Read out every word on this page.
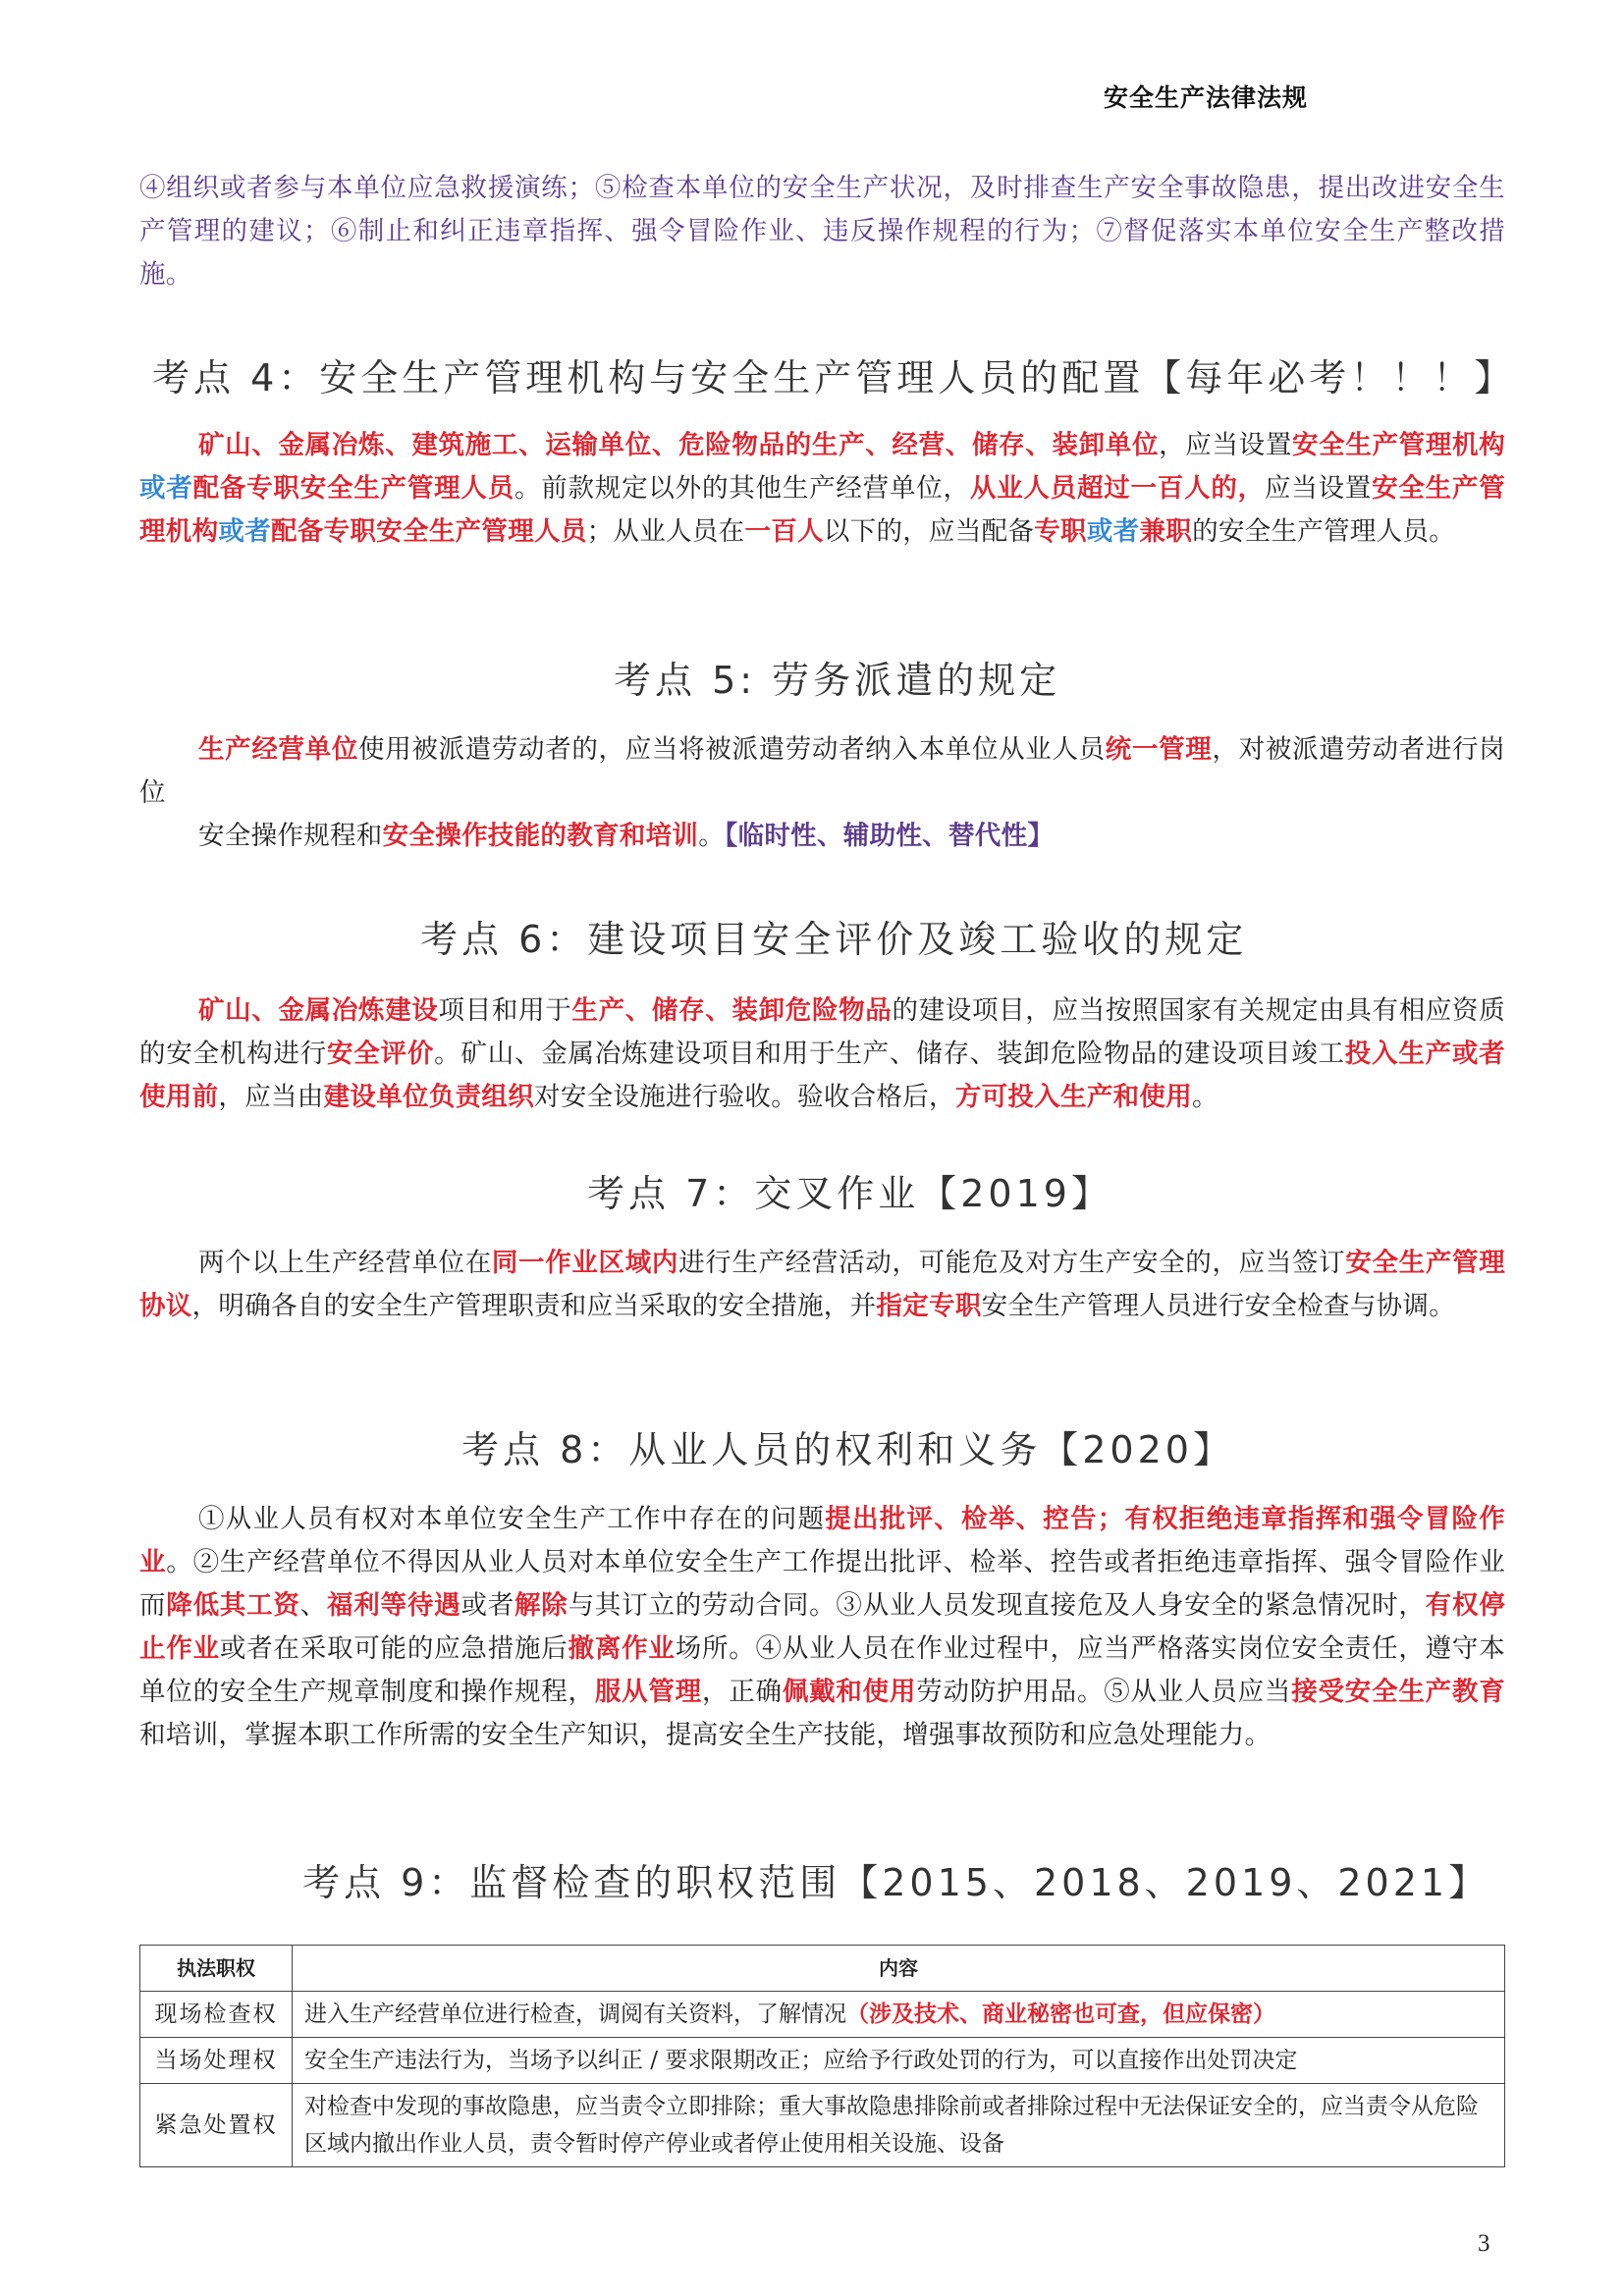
安全生产法律法规
④组织或者参与本单位应急救援演练；⑤检查本单位的安全生产状况，及时排查生产安全事故隐患，提出改进安全生产管理的建议；⑥制止和纠正违章指挥、强令冒险作业、违反操作规程的行为；⑦督促落实本单位安全生产整改措施。
考点 4：安全生产管理机构与安全生产管理人员的配置【每年必考！！！】
矿山、金属冶炼、建筑施工、运输单位、危险物品的生产、经营、储存、装卸单位，应当设置安全生产管理机构或者配备专职安全生产管理人员。前款规定以外的其他生产经营单位，从业人员超过一百人的，应当设置安全生产管理机构或者配备专职安全生产管理人员；从业人员在一百人以下的，应当配备专职或者兼职的安全生产管理人员。
考点 5: 劳务派遣的规定
生产经营单位使用被派遣劳动者的，应当将被派遣劳动者纳入本单位从业人员统一管理，对被派遣劳动者进行岗位
安全操作规程和安全操作技能的教育和培训。【临时性、辅助性、替代性】
考点 6：建设项目安全评价及竣工验收的规定
矿山、金属冶炼建设项目和用于生产、储存、装卸危险物品的建设项目，应当按照国家有关规定由具有相应资质的安全机构进行安全评价。矿山、金属冶炼建设项目和用于生产、储存、装卸危险物品的建设项目竣工投入生产或者使用前，应当由建设单位负责组织对安全设施进行验收。验收合格后，方可投入生产和使用。
考点 7：交叉作业【2019】
两个以上生产经营单位在同一作业区域内进行生产经营活动，可能危及对方生产安全的，应当签订安全生产管理协议，明确各自的安全生产管理职责和应当采取的安全措施，并指定专职安全生产管理人员进行安全检查与协调。
考点 8：从业人员的权利和义务【2020】
①从业人员有权对本单位安全生产工作中存在的问题提出批评、检举、控告；有权拒绝违章指挥和强令冒险作业。②生产经营单位不得因从业人员对本单位安全生产工作提出批评、检举、控告或者拒绝违章指挥、强令冒险作业而降低其工资、福利等待遇或者解除与其订立的劳动合同。③从业人员发现直接危及人身安全的紧急情况时，有权停止作业或者在采取可能的应急措施后撤离作业场所。④从业人员在作业过程中，应当严格落实岗位安全责任，遵守本单位的安全生产规章制度和操作规程，服从管理，正确佩戴和使用劳动防护用品。⑤从业人员应当接受安全生产教育和培训，掌握本职工作所需的安全生产知识，提高安全生产技能，增强事故预防和应急处理能力。
考点 9：监督检查的职权范围【2015、2018、2019、2021】
执法职权	内容
现场检查权	进入生产经营单位进行检查，调阅有关资料，了解情况（涉及技术、商业秘密也可查，但应保密）
当场处理权	安全生产违法行为，当场予以纠正 / 要求限期改正；应给予行政处罚的行为，可以直接作出处罚决定
紧急处置权	对检查中发现的事故隐患，应当责令立即排除；重大事故隐患排除前或者排除过程中无法保证安全的，应当责令从危险区域内撤出作业人员，责令暂时停产停业或者停止使用相关设施、设备
3
